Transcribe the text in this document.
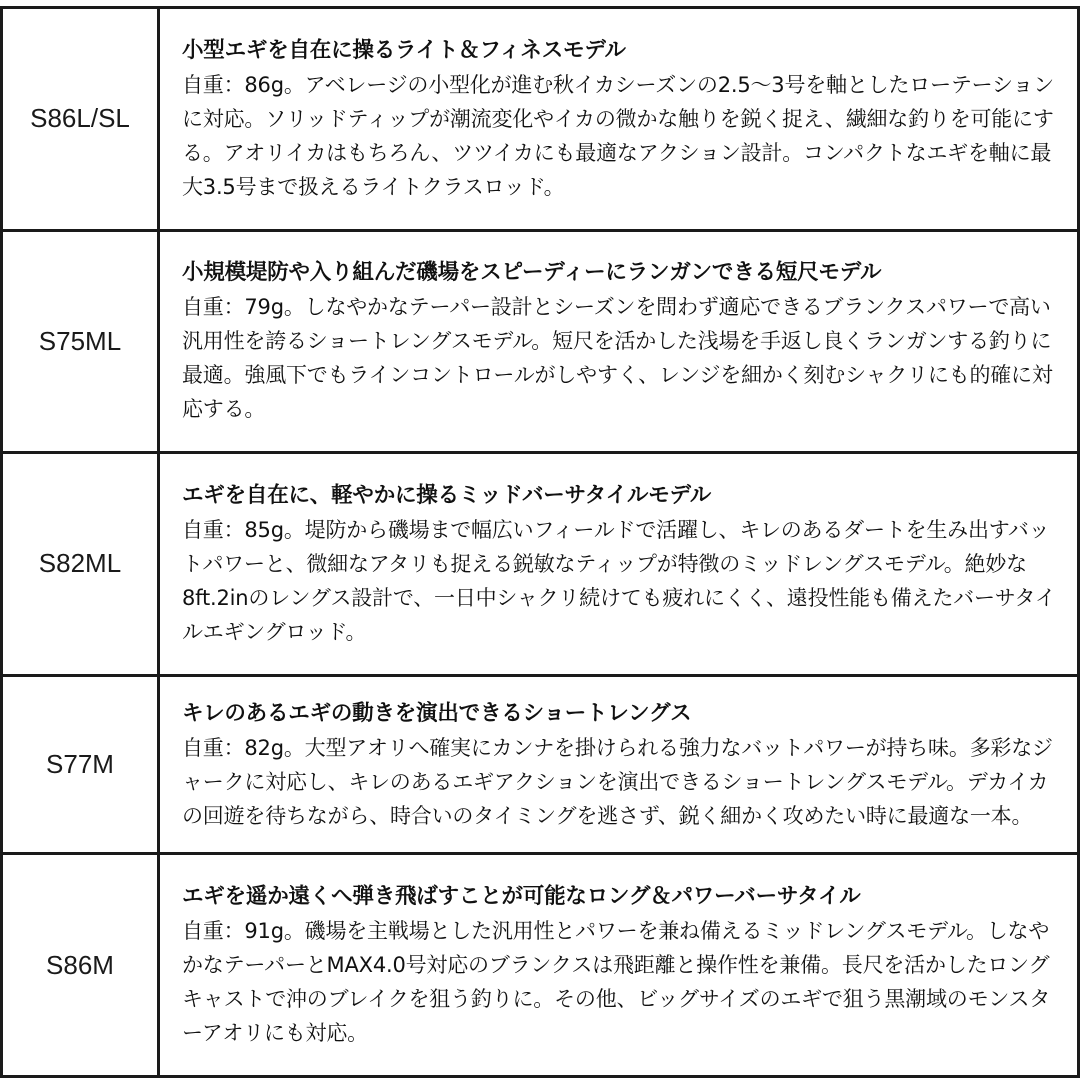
S86L/SL	小型エギを自在に操るライト＆フィネスモデル
自重：86g。アベレージの小型化が進む秋イカシーズンの2.5〜3号を軸としたローテーションに対応。ソリッドティップが潮流変化やイカの微かな触りを鋭く捉え、繊細な釣りを可能にする。アオリイカはもちろん、ツツイカにも最適なアクション設計。コンパクトなエギを軸に最大3.5号まで扱えるライトクラスロッド。

S75ML	小規模堤防や入り組んだ磯場をスピーディーにランガンできる短尺モデル
自重：79g。しなやかなテーパー設計とシーズンを問わず適応できるブランクスパワーで高い汎用性を誇るショートレングスモデル。短尺を活かした浅場を手返し良くランガンする釣りに最適。強風下でもラインコントロールがしやすく、レンジを細かく刻むシャクリにも的確に対応する。

S82ML	エギを自在に、軽やかに操るミッドバーサタイルモデル
自重：85g。堤防から磯場まで幅広いフィールドで活躍し、キレのあるダートを生み出すバットパワーと、微細なアタリも捉える鋭敏なティップが特徴のミッドレングスモデル。絶妙な8ft.2inのレングス設計で、一日中シャクリ続けても疲れにくく、遠投性能も備えたバーサタイルエギングロッド。

S77M	キレのあるエギの動きを演出できるショートレングス
自重：82g。大型アオリへ確実にカンナを掛けられる強力なバットパワーが持ち味。多彩なジャークに対応し、キレのあるエギアクションを演出できるショートレングスモデル。デカイカの回遊を待ちながら、時合いのタイミングを逃さず、鋭く細かく攻めたい時に最適な一本。

S86M	エギを遥か遠くへ弾き飛ばすことが可能なロング＆パワーバーサタイル
自重：91g。磯場を主戦場とした汎用性とパワーを兼ね備えるミッドレングスモデル。しなやかなテーパーとMAX4.0号対応のブランクスは飛距離と操作性を兼備。長尺を活かしたロングキャストで沖のブレイクを狙う釣りに。その他、ビッグサイズのエギで狙う黒潮域のモンスターアオリにも対応。
